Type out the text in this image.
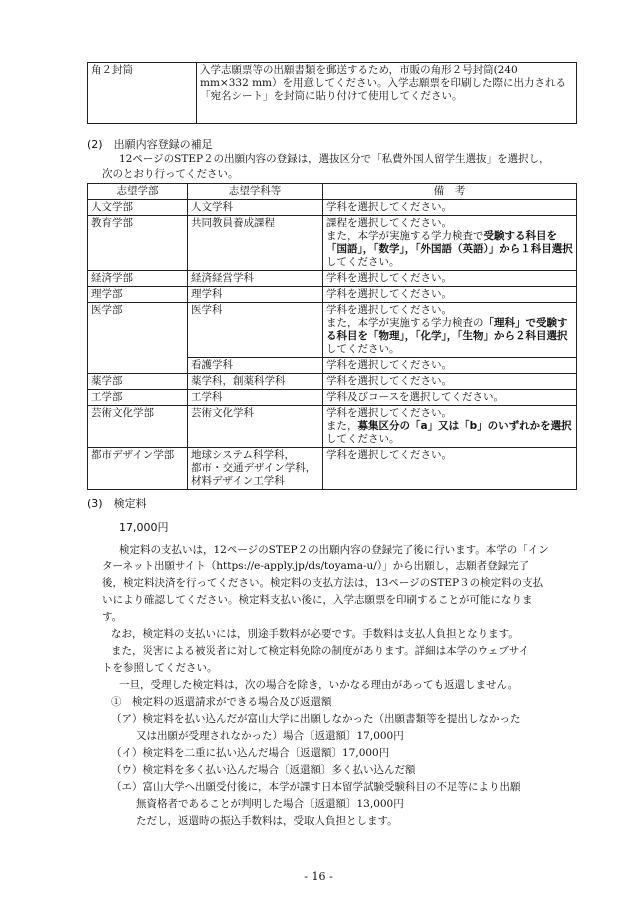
角２封筒	入学志願票等の出願書類を郵送するため，市販の角形２号封筒(240　mm×332 mm）を用意してください。入学志願票を印刷した際に出力される「宛名シート」を封筒に貼り付けて使用してください。
(2)　出願内容登録の補足
12ページのSTEP２の出願内容の登録は，選抜区分で「私費外国人留学生選抜」を選択し，
次のとおり行ってください。
志望学部	志望学科等	備　考
人文学部	人文学科	学科を選択してください。
教育学部	共同教員養成課程	課程を選択してください。
また，本学が実施する学力検査で受験する科目を「国語」，「数学」，「外国語（英語）」から１科目選択してください。

経済学部	経済経営学科	学科を選択してください。
理学部	理学科	学科を選択してください。
医学部	医学科	学科を選択してください。
また，本学が実施する学力検査の「理科」で受験する科目を「物理」，「化学」，「生物」から２科目選択してください。

	看護学科	学科を選択してください。
薬学部	薬学科，創薬科学科	学科を選択してください。
工学部	工学科	学科及びコースを選択してください。
芸術文化学部	芸術文化学科	学科を選択してください。
また，募集区分の「a」又は「b」のいずれかを選択してください。

都市デザイン学部	地球システム科学科，
都市・交通デザイン学科，
材料デザイン工学科	学科を選択してください。
(3)　検定料
17,000円
検定料の支払いは，12ページのSTEP２の出願内容の登録完了後に行います。本学の「イン
ターネット出願サイト（https://e-apply.jp/ds/toyama-u/）」から出願し，志願者登録完了
後，検定料決済を行ってください。検定料の支払方法は，13ページのSTEP３の検定料の支払
いにより確認してください。検定料支払い後に，入学志願票を印刷することが可能になりま
す。
なお，検定料の支払いには，別途手数料が必要です。手数料は支払人負担となります。
また，災害による被災者に対して検定料免除の制度があります。詳細は本学のウェブサイ
トを参照してください。
一旦，受理した検定料は，次の場合を除き，いかなる理由があっても返還しません。
①　検定料の返還請求ができる場合及び返還額
（ア）検定料を払い込んだが富山大学に出願しなかった（出願書類等を提出しなかった
又は出願が受理されなかった）場合〔返還額〕17,000円
（イ）検定料を二重に払い込んだ場合〔返還額〕17,000円
（ウ）検定料を多く払い込んだ場合〔返還額〕多く払い込んだ額
（エ）富山大学へ出願受付後に，本学が課す日本留学試験受験科目の不足等により出願
無資格者であることが判明した場合〔返還額〕13,000円
ただし，返還時の振込手数料は，受取人負担とします。
- 16 -
